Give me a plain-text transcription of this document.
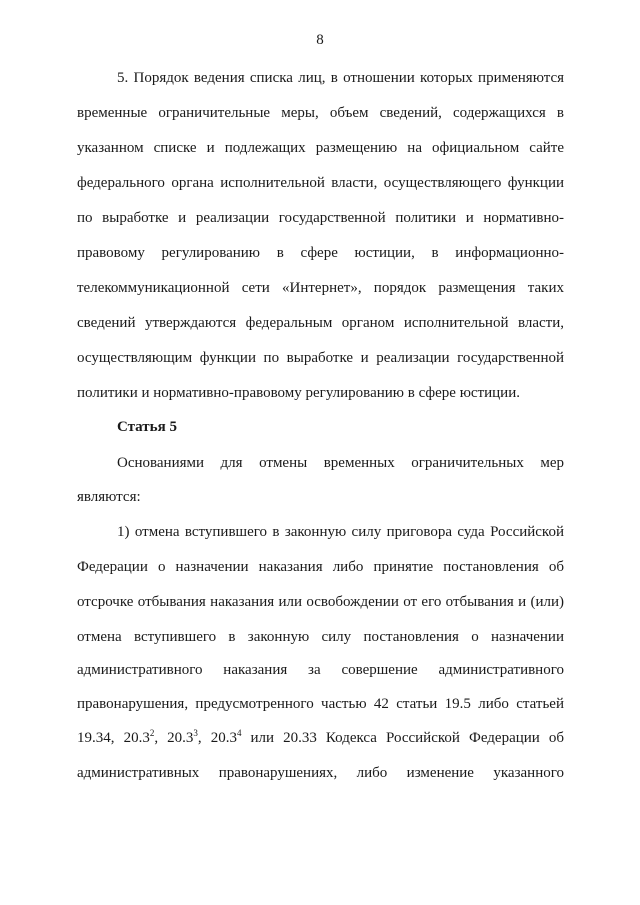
8
5. Порядок ведения списка лиц, в отношении которых применяются
временные ограничительные меры, объем сведений, содержащихся в
указанном списке и подлежащих размещению на официальном сайте
федерального органа исполнительной власти, осуществляющего функции
по выработке и реализации государственной политики и нормативно-
правовому регулированию в сфере юстиции, в информационно-
телекоммуникационной сети «Интернет», порядок размещения таких
сведений утверждаются федеральным органом исполнительной власти,
осуществляющим функции по выработке и реализации государственной
политики и нормативно-правовому регулированию в сфере юстиции.
Статья 5
Основаниями для отмены временных ограничительных мер
являются:
1) отмена вступившего в законную силу приговора суда Российской
Федерации о назначении наказания либо принятие постановления об
отсрочке отбывания наказания или освобождении от его отбывания и (или)
отмена вступившего в законную силу постановления о назначении
административного наказания за совершение административного
правонарушения, предусмотренного частью 42 статьи 19.5 либо статьей
19.34, 20.3$^2$, 20.3$^3$, 20.3$^4$ или 20.33 Кодекса Российской Федерации об
административных правонарушениях, либо изменение указанного
